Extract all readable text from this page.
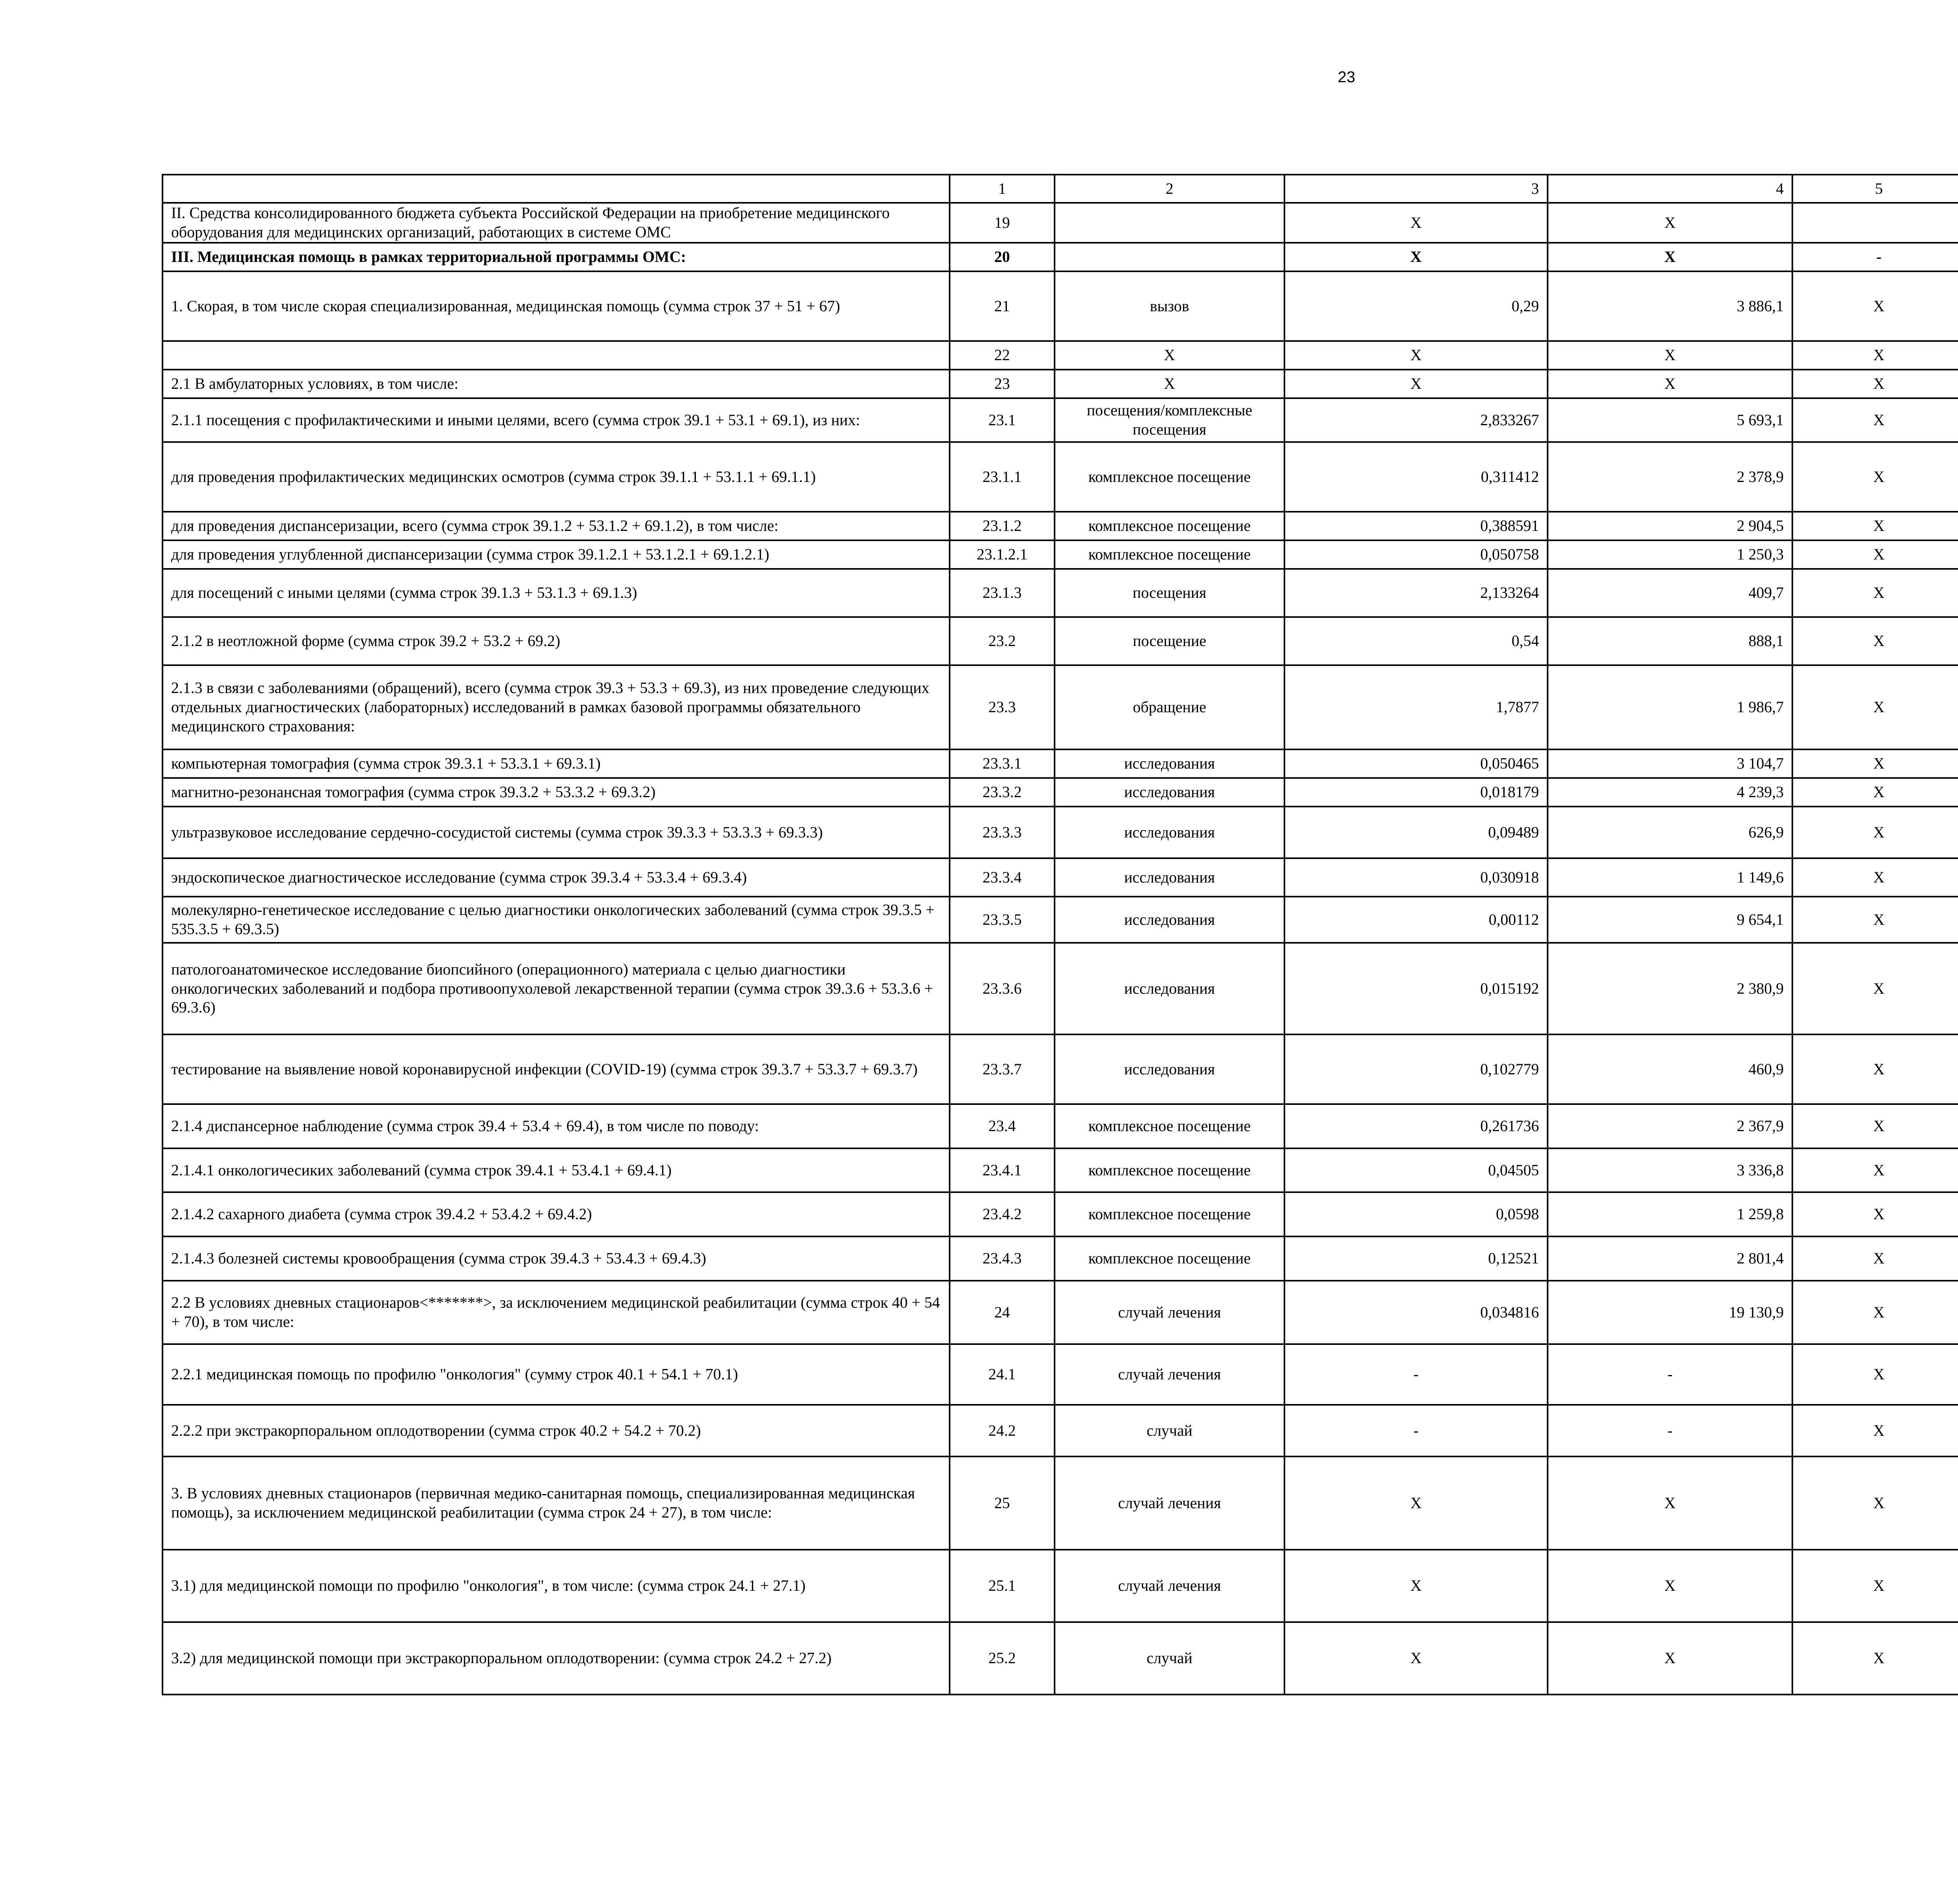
23
	1	2	3	4	5				
II. Средства консолидированного бюджета субъекта Российской Федерации на приобретение медицинского оборудования для медицинских организаций, работающих в системе ОМС	19		Х	Х					
III. Медицинская помощь в рамках территориальной программы ОМС:	20		Х	Х	-				
1. Скорая, в том числе скорая специализированная, медицинская помощь (сумма строк 37 + 51 + 67)	21	вызов	0,29	3 886,1	Х				
	22	Х	Х	Х	Х				
2.1 В амбулаторных условиях, в том числе:	23	Х	Х	Х	Х				
2.1.1 посещения с профилактическими и иными целями, всего (сумма строк 39.1 + 53.1 + 69.1), из них:	23.1	посещения/комплексные посещения	2,833267	5 693,1	Х				
для проведения профилактических медицинских осмотров (сумма строк 39.1.1 + 53.1.1 + 69.1.1)	23.1.1	комплексное посещение	0,311412	2 378,9	Х				
для проведения диспансеризации, всего (сумма строк 39.1.2 + 53.1.2 + 69.1.2), в том числе:	23.1.2	комплексное посещение	0,388591	2 904,5	Х				
для проведения углубленной диспансеризации (сумма строк 39.1.2.1 + 53.1.2.1 + 69.1.2.1)	23.1.2.1	комплексное посещение	0,050758	1 250,3	Х				
для посещений с иными целями (сумма строк 39.1.3 + 53.1.3 + 69.1.3)	23.1.3	посещения	2,133264	409,7	Х				
2.1.2 в неотложной форме (сумма строк 39.2 + 53.2 + 69.2)	23.2	посещение	0,54	888,1	Х				
2.1.3 в связи с заболеваниями (обращений), всего (сумма строк 39.3 + 53.3 + 69.3), из них проведение следующих отдельных диагностических (лабораторных) исследований в рамках базовой программы обязательного медицинского страхования:	23.3	обращение	1,7877	1 986,7	Х				
компьютерная томография (сумма строк 39.3.1 + 53.3.1 + 69.3.1)	23.3.1	исследования	0,050465	3 104,7	Х				
магнитно-резонансная томография (сумма строк 39.3.2 + 53.3.2 + 69.3.2)	23.3.2	исследования	0,018179	4 239,3	Х				
ультразвуковое исследование сердечно-сосудистой системы (сумма строк 39.3.3 + 53.3.3 + 69.3.3)	23.3.3	исследования	0,09489	626,9	Х				
эндоскопическое диагностическое исследование (сумма строк 39.3.4 + 53.3.4 + 69.3.4)	23.3.4	исследования	0,030918	1 149,6	Х				
молекулярно-генетическое исследование с целью диагностики онкологических заболеваний (сумма строк 39.3.5 + 535.3.5 + 69.3.5)	23.3.5	исследования	0,00112	9 654,1	Х				
патологоанатомическое исследование биопсийного (операционного) материала с целью диагностики онкологических заболеваний и подбора противоопухолевой лекарственной терапии (сумма строк 39.3.6 + 53.3.6 + 69.3.6)	23.3.6	исследования	0,015192	2 380,9	Х				
тестирование на выявление новой коронавирусной инфекции (COVID-19) (сумма строк 39.3.7 + 53.3.7 + 69.3.7)	23.3.7	исследования	0,102779	460,9	Х				
2.1.4 диспансерное наблюдение (сумма строк 39.4 + 53.4 + 69.4), в том числе по поводу:	23.4	комплексное посещение	0,261736	2 367,9	Х				
2.1.4.1 онкологичесиких заболеваний (сумма строк 39.4.1 + 53.4.1 + 69.4.1)	23.4.1	комплексное посещение	0,04505	3 336,8	Х				
2.1.4.2 сахарного диабета (сумма строк 39.4.2 + 53.4.2 + 69.4.2)	23.4.2	комплексное посещение	0,0598	1 259,8	Х				
2.1.4.3 болезней системы кровообращения (сумма строк 39.4.3 + 53.4.3 + 69.4.3)	23.4.3	комплексное посещение	0,12521	2 801,4	Х				
2.2 В условиях дневных стационаров<*******>, за исключением медицинской реабилитации (сумма строк 40 + 54 + 70), в том числе:	24	случай лечения	0,034816	19 130,9	Х				
2.2.1 медицинская помощь по профилю "онкология" (сумму строк 40.1 + 54.1 + 70.1)	24.1	случай лечения	-	-	Х				
2.2.2 при экстракорпоральном оплодотворении (сумма строк 40.2 + 54.2 + 70.2)	24.2	случай	-	-	Х				
3. В условиях дневных стационаров (первичная медико-санитарная помощь, специализированная медицинская помощь), за исключением медицинской реабилитации (сумма строк 24 + 27), в том числе:	25	случай лечения	Х	Х	Х				
3.1) для медицинской помощи по профилю "онкология", в том числе: (сумма строк 24.1 + 27.1)	25.1	случай лечения	Х	Х	Х				
3.2) для медицинской помощи при экстракорпоральном оплодотворении: (сумма строк 24.2 + 27.2)	25.2	случай	Х	Х	Х				
